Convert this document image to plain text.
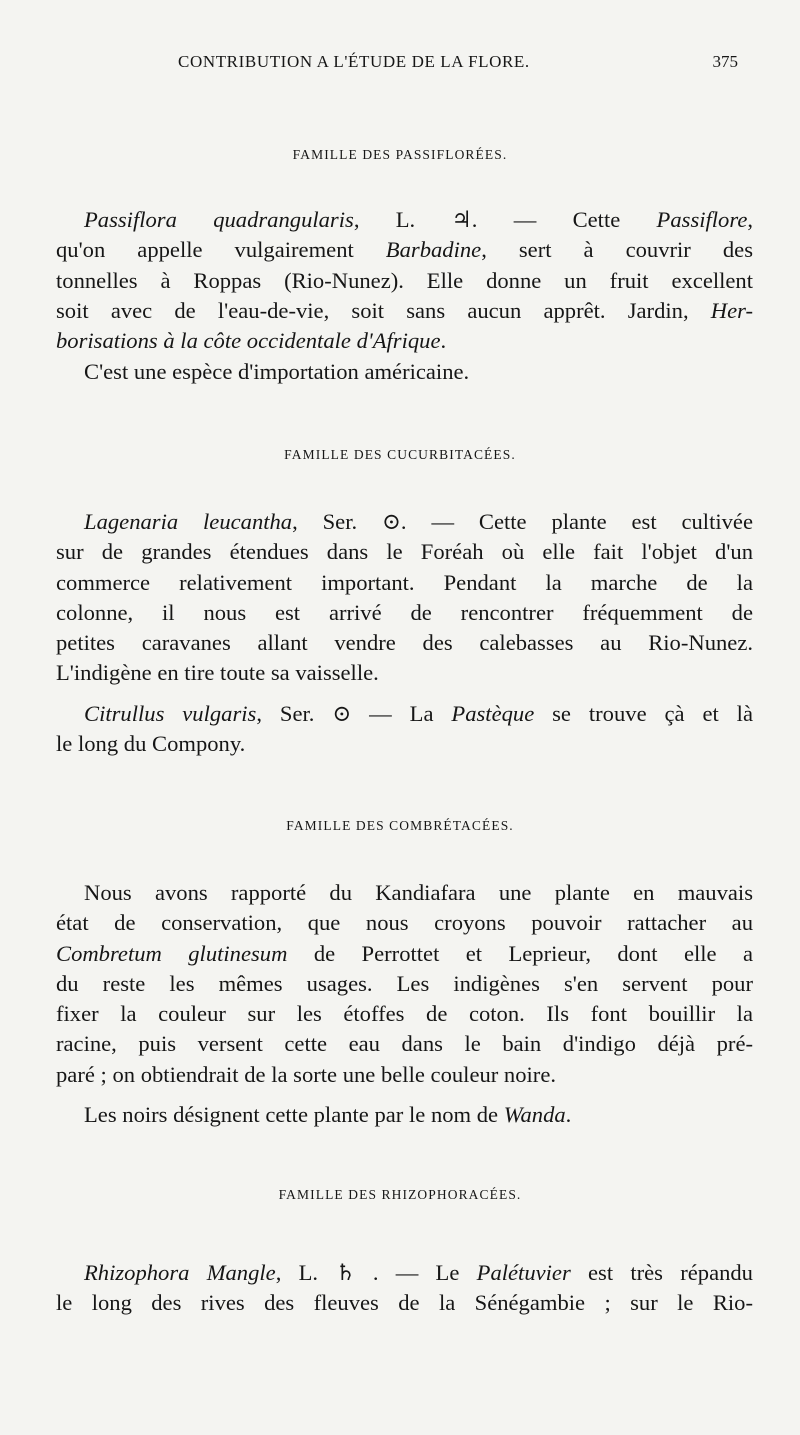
CONTRIBUTION A L'ÉTUDE DE LA FLORE.	375
FAMILLE DES PASSIFLORÉES.
Passiflora quadrangularis, L. ♃. — Cette Passiflore,
qu'on appelle vulgairement Barbadine, sert à couvrir des
tonnelles à Roppas (Rio-Nunez). Elle donne un fruit excellent
soit avec de l'eau-de-vie, soit sans aucun apprêt. Jardin, Her-
borisations à la côte occidentale d'Afrique.
C'est une espèce d'importation américaine.
FAMILLE DES CUCURBITACÉES.
Lagenaria leucantha, Ser. ⊙. — Cette plante est cultivée
sur de grandes étendues dans le Foréah où elle fait l'objet d'un
commerce relativement important. Pendant la marche de la
colonne, il nous est arrivé de rencontrer fréquemment de
petites caravanes allant vendre des calebasses au Rio-Nunez.
L'indigène en tire toute sa vaisselle.
Citrullus vulgaris, Ser. ⊙ — La Pastèque se trouve çà et là
le long du Compony.
FAMILLE DES COMBRÉTACÉES.
Nous avons rapporté du Kandiafara une plante en mauvais
état de conservation, que nous croyons pouvoir rattacher au
Combretum glutinesum de Perrottet et Leprieur, dont elle a
du reste les mêmes usages. Les indigènes s'en servent pour
fixer la couleur sur les étoffes de coton. Ils font bouillir la
racine, puis versent cette eau dans le bain d'indigo déjà pré-
paré ; on obtiendrait de la sorte une belle couleur noire.
Les noirs désignent cette plante par le nom de Wanda.
FAMILLE DES RHIZOPHORACÉES.
Rhizophora Mangle, L. ♄ . — Le Palétuvier est très répandu
le long des rives des fleuves de la Sénégambie ; sur le Rio-
